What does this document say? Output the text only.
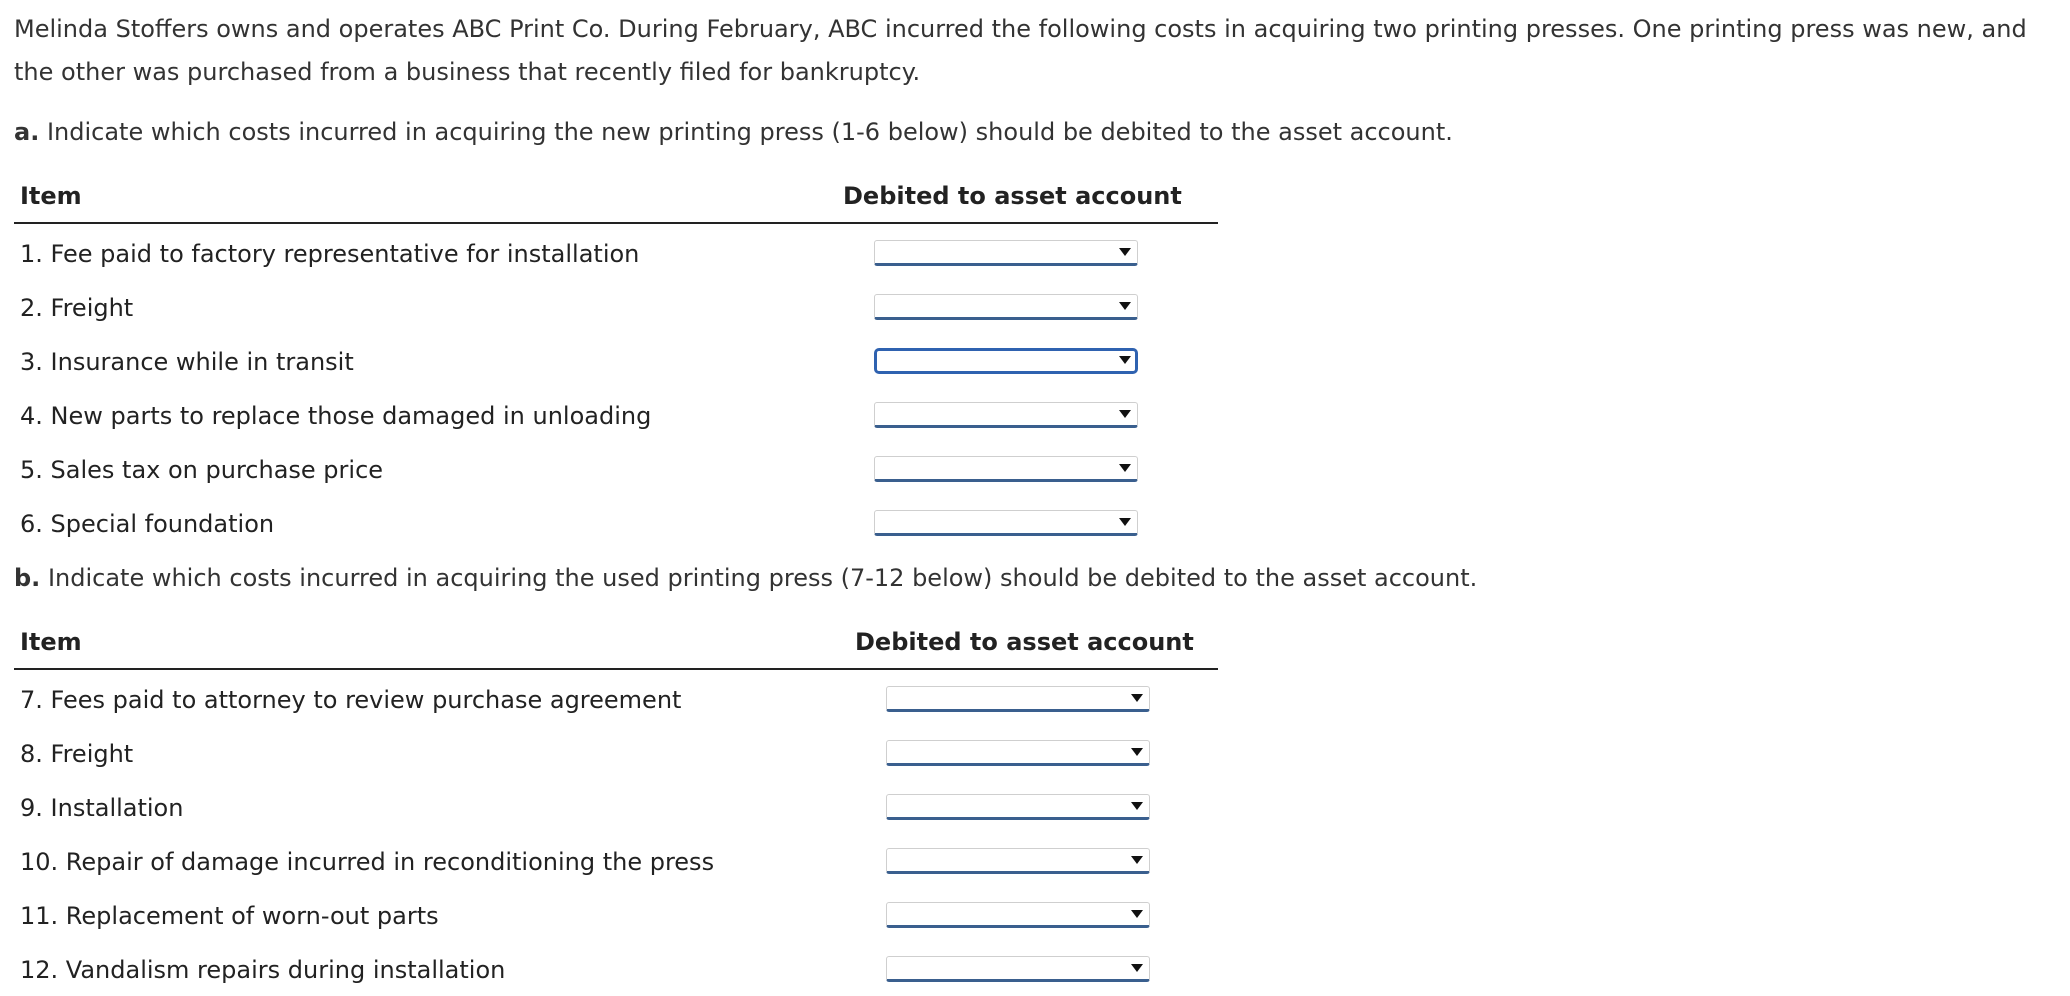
Melinda Stoffers owns and operates ABC Print Co. During February, ABC incurred the following costs in acquiring two printing presses. One printing press was new, and the other was purchased from a business that recently filed for bankruptcy.
a. Indicate which costs incurred in acquiring the new printing press (1-6 below) should be debited to the asset account.
Item	Debited to asset account
1. Fee paid to factory representative for installation
2. Freight
3. Insurance while in transit
4. New parts to replace those damaged in unloading
5. Sales tax on purchase price
6. Special foundation
b. Indicate which costs incurred in acquiring the used printing press (7-12 below) should be debited to the asset account.
Item	Debited to asset account
7. Fees paid to attorney to review purchase agreement
8. Freight
9. Installation
10. Repair of damage incurred in reconditioning the press
11. Replacement of worn-out parts
12. Vandalism repairs during installation
